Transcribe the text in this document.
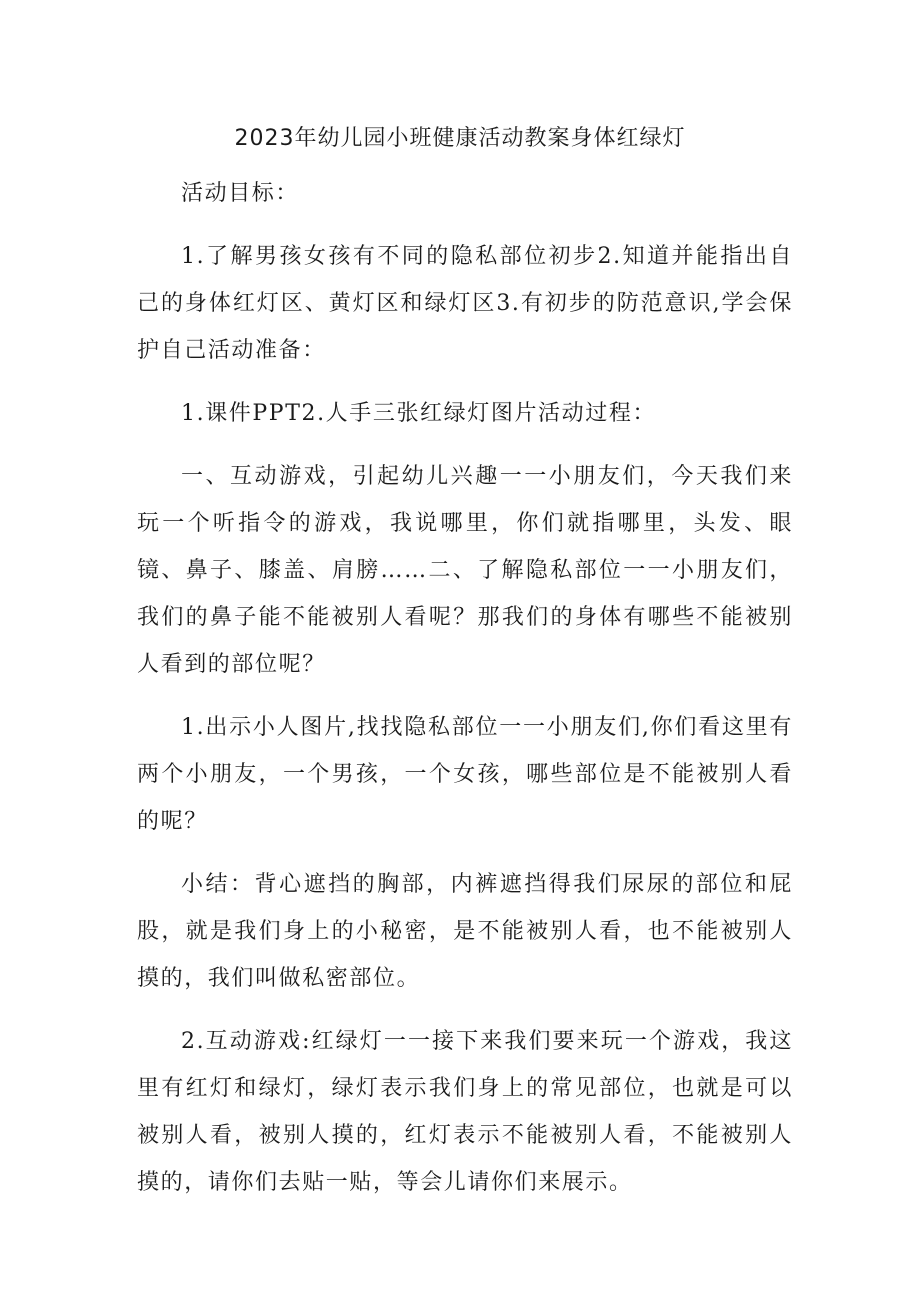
2023年幼儿园小班健康活动教案身体红绿灯

活动目标：

1.了解男孩女孩有不同的隐私部位初步2.知道并能指出自己的身体红灯区、黄灯区和绿灯区3.有初步的防范意识,学会保护自己活动准备：

1.课件PPT2.人手三张红绿灯图片活动过程：

一、互动游戏，引起幼儿兴趣一一小朋友们，今天我们来玩一个听指令的游戏，我说哪里，你们就指哪里，头发、眼镜、鼻子、膝盖、肩膀……二、了解隐私部位一一小朋友们，我们的鼻子能不能被别人看呢？那我们的身体有哪些不能被别人看到的部位呢？

1.出示小人图片,找找隐私部位一一小朋友们,你们看这里有两个小朋友，一个男孩，一个女孩，哪些部位是不能被别人看的呢？

小结：背心遮挡的胸部，内裤遮挡得我们尿尿的部位和屁股，就是我们身上的小秘密，是不能被别人看，也不能被别人摸的，我们叫做私密部位。

2.互动游戏:红绿灯一一接下来我们要来玩一个游戏，我这里有红灯和绿灯，绿灯表示我们身上的常见部位，也就是可以被别人看，被别人摸的，红灯表示不能被别人看，不能被别人摸的，请你们去贴一贴，等会儿请你们来展示。
